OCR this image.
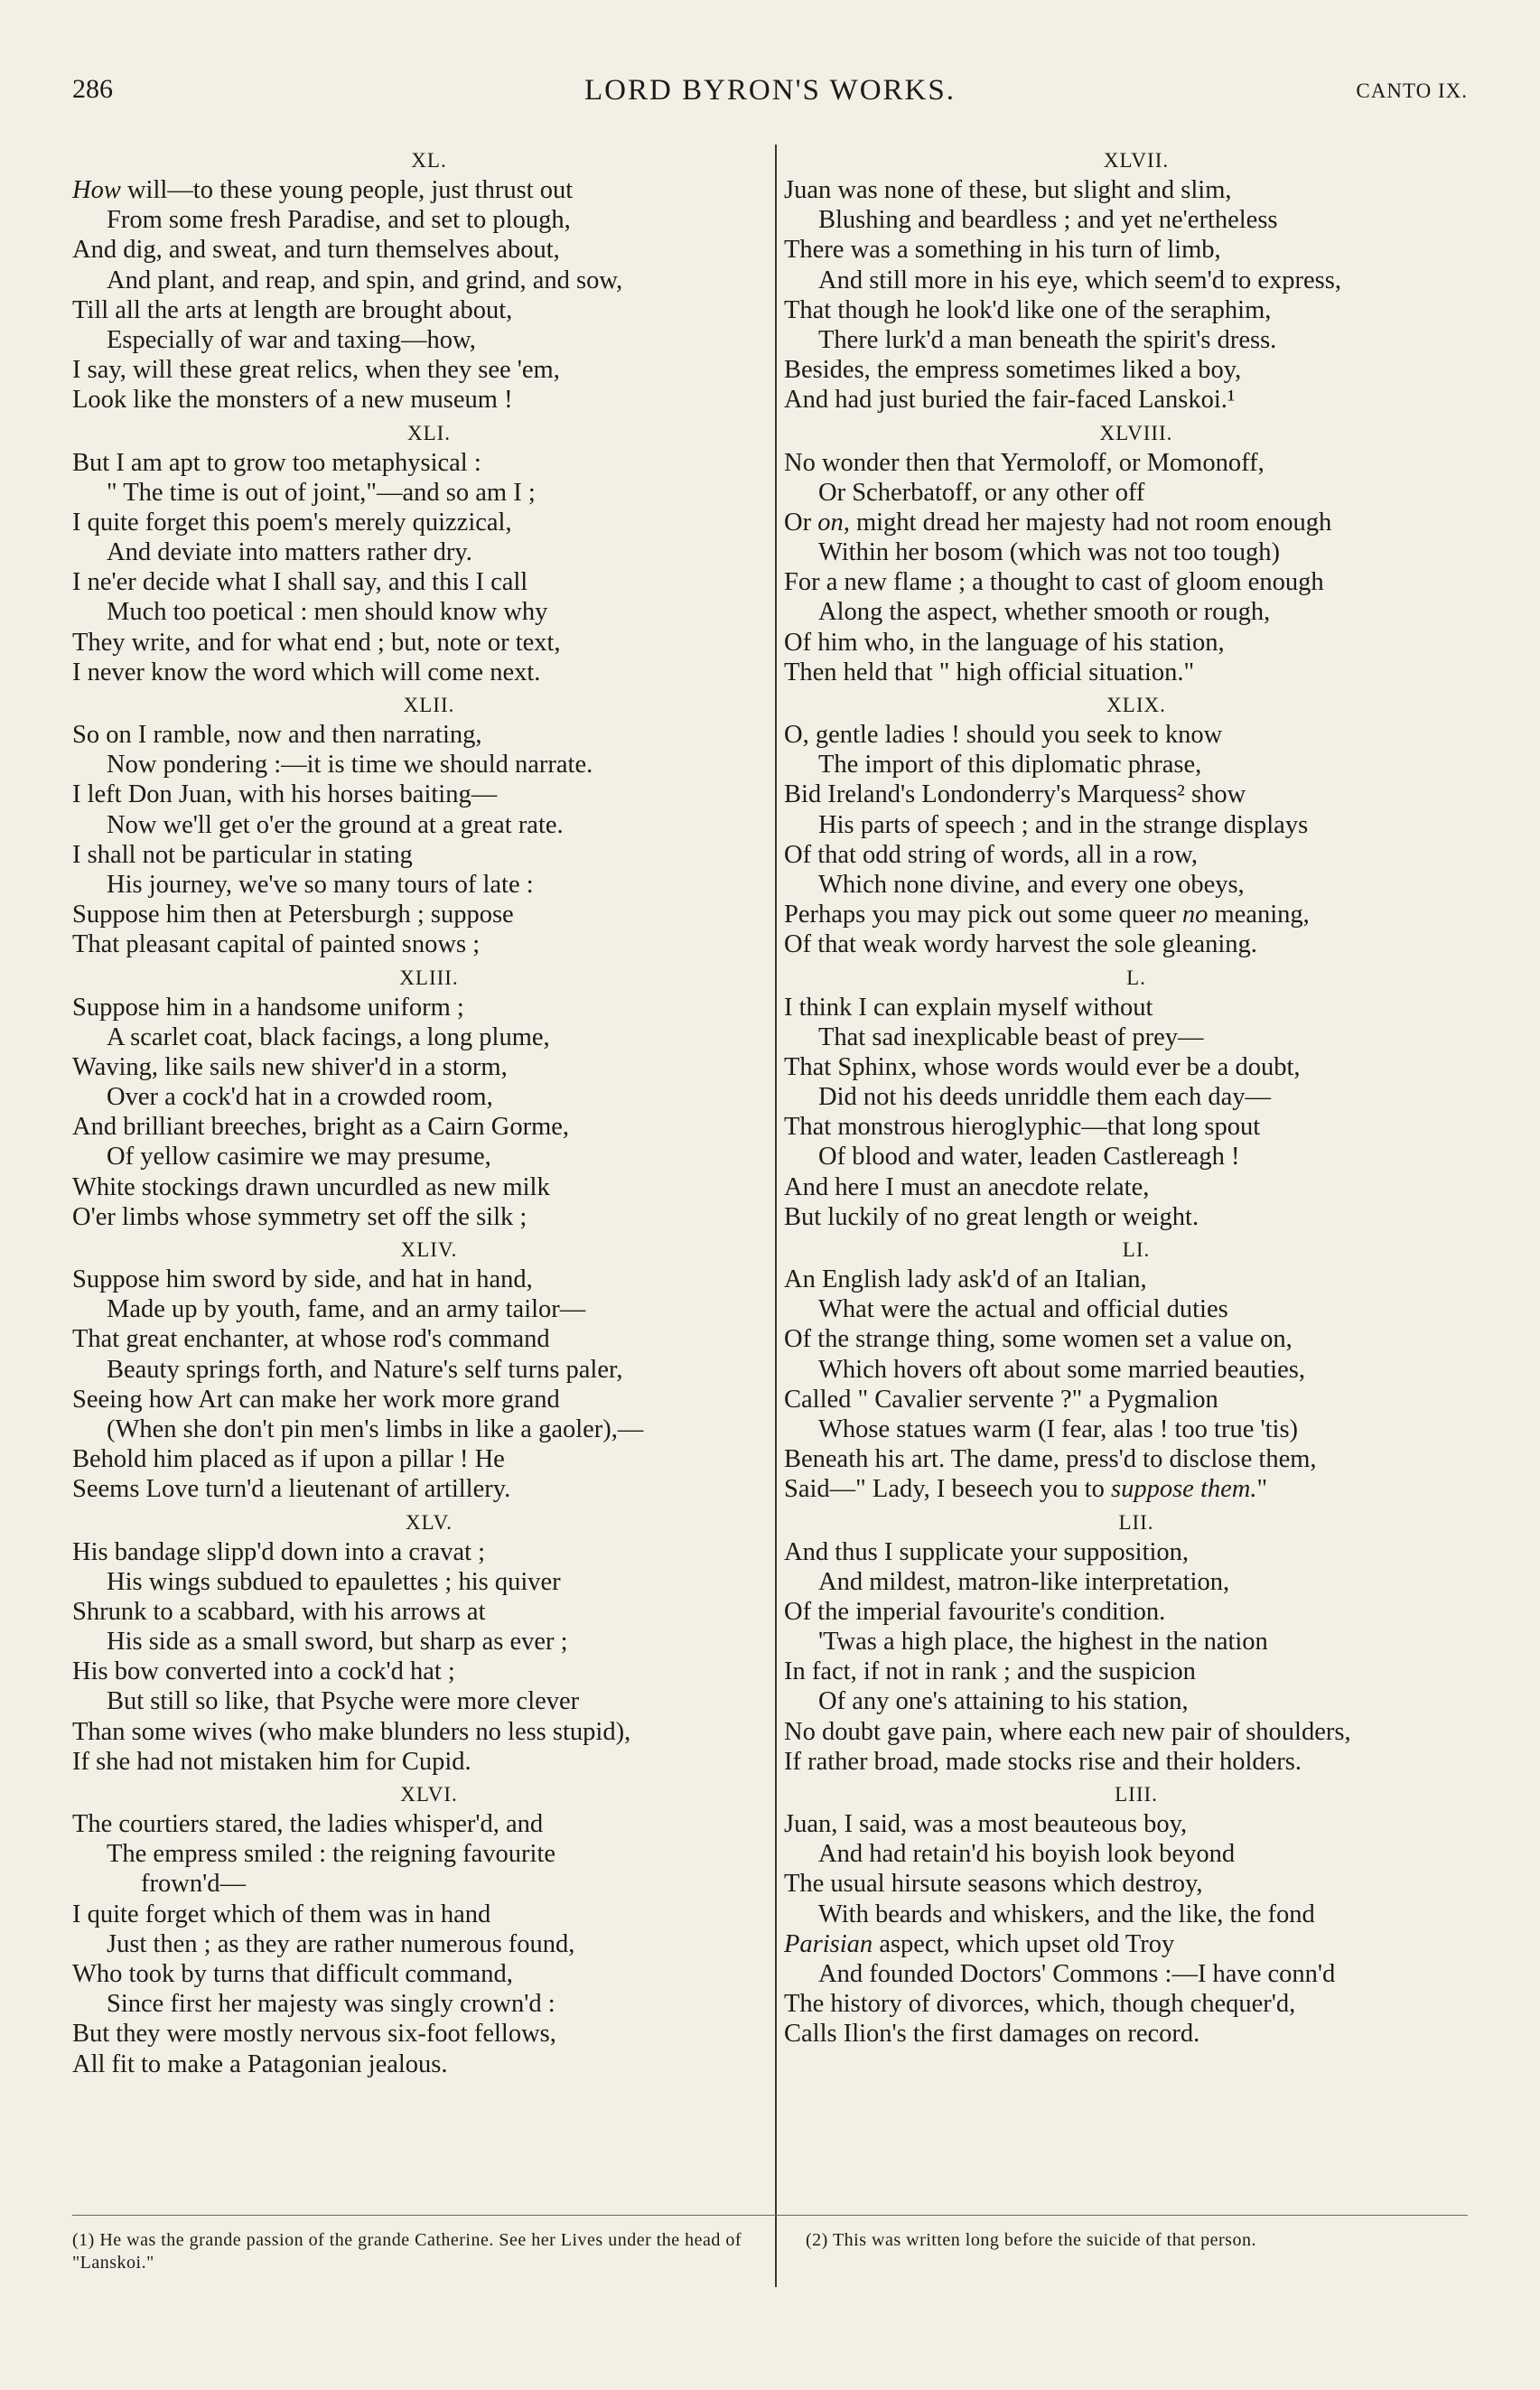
286	LORD BYRON'S WORKS.	CANTO IX.
XL.
How will—to these young people, just thrust out
From some fresh Paradise, and set to plough,
And dig, and sweat, and turn themselves about,
And plant, and reap, and spin, and grind, and sow,
Till all the arts at length are brought about,
Especially of war and taxing—how,
I say, will these great relics, when they see 'em,
Look like the monsters of a new museum !
XLI.
But I am apt to grow too metaphysical :
" The time is out of joint,"—and so am I ;
I quite forget this poem's merely quizzical,
And deviate into matters rather dry.
I ne'er decide what I shall say, and this I call
Much too poetical : men should know why
They write, and for what end ; but, note or text,
I never know the word which will come next.
XLII.
So on I ramble, now and then narrating,
Now pondering :—it is time we should narrate.
I left Don Juan, with his horses baiting—
Now we'll get o'er the ground at a great rate.
I shall not be particular in stating
His journey, we've so many tours of late :
Suppose him then at Petersburgh ; suppose
That pleasant capital of painted snows ;
XLIII.
Suppose him in a handsome uniform ;
A scarlet coat, black facings, a long plume,
Waving, like sails new shiver'd in a storm,
Over a cock'd hat in a crowded room,
And brilliant breeches, bright as a Cairn Gorme,
Of yellow casimire we may presume,
White stockings drawn uncurdled as new milk
O'er limbs whose symmetry set off the silk ;
XLIV.
Suppose him sword by side, and hat in hand,
Made up by youth, fame, and an army tailor—
That great enchanter, at whose rod's command
Beauty springs forth, and Nature's self turns paler,
Seeing how Art can make her work more grand
(When she don't pin men's limbs in like a gaoler),—
Behold him placed as if upon a pillar ! He
Seems Love turn'd a lieutenant of artillery.
XLV.
His bandage slipp'd down into a cravat ;
His wings subdued to epaulettes ; his quiver
Shrunk to a scabbard, with his arrows at
His side as a small sword, but sharp as ever ;
His bow converted into a cock'd hat ;
But still so like, that Psyche were more clever
Than some wives (who make blunders no less stupid),
If she had not mistaken him for Cupid.
XLVI.
The courtiers stared, the ladies whisper'd, and
The empress smiled : the reigning favourite
frown'd—
I quite forget which of them was in hand
Just then ; as they are rather numerous found,
Who took by turns that difficult command,
Since first her majesty was singly crown'd :
But they were mostly nervous six-foot fellows,
All fit to make a Patagonian jealous.
XLVII.
Juan was none of these, but slight and slim,
Blushing and beardless ; and yet ne'ertheless
There was a something in his turn of limb,
And still more in his eye, which seem'd to express,
That though he look'd like one of the seraphim,
There lurk'd a man beneath the spirit's dress.
Besides, the empress sometimes liked a boy,
And had just buried the fair-faced Lanskoi.¹
XLVIII.
No wonder then that Yermoloff, or Momonoff,
Or Scherbatoff, or any other off
Or on, might dread her majesty had not room enough
Within her bosom (which was not too tough)
For a new flame ; a thought to cast of gloom enough
Along the aspect, whether smooth or rough,
Of him who, in the language of his station,
Then held that " high official situation."
XLIX.
O, gentle ladies ! should you seek to know
The import of this diplomatic phrase,
Bid Ireland's Londonderry's Marquess² show
His parts of speech ; and in the strange displays
Of that odd string of words, all in a row,
Which none divine, and every one obeys,
Perhaps you may pick out some queer no meaning,
Of that weak wordy harvest the sole gleaning.
L.
I think I can explain myself without
That sad inexplicable beast of prey—
That Sphinx, whose words would ever be a doubt,
Did not his deeds unriddle them each day—
That monstrous hieroglyphic—that long spout
Of blood and water, leaden Castlereagh !
And here I must an anecdote relate,
But luckily of no great length or weight.
LI.
An English lady ask'd of an Italian,
What were the actual and official duties
Of the strange thing, some women set a value on,
Which hovers oft about some married beauties,
Called " Cavalier servente ?" a Pygmalion
Whose statues warm (I fear, alas ! too true 'tis)
Beneath his art. The dame, press'd to disclose them,
Said—" Lady, I beseech you to suppose them."
LII.
And thus I supplicate your supposition,
And mildest, matron-like interpretation,
Of the imperial favourite's condition.
'Twas a high place, the highest in the nation
In fact, if not in rank ; and the suspicion
Of any one's attaining to his station,
No doubt gave pain, where each new pair of shoulders,
If rather broad, made stocks rise and their holders.
LIII.
Juan, I said, was a most beauteous boy,
And had retain'd his boyish look beyond
The usual hirsute seasons which destroy,
With beards and whiskers, and the like, the fond
Parisian aspect, which upset old Troy
And founded Doctors' Commons :—I have conn'd
The history of divorces, which, though chequer'd,
Calls Ilion's the first damages on record.
(1) He was the grande passion of the grande Catherine. See her Lives under the head of "Lanskoi."
(2) This was written long before the suicide of that person.
